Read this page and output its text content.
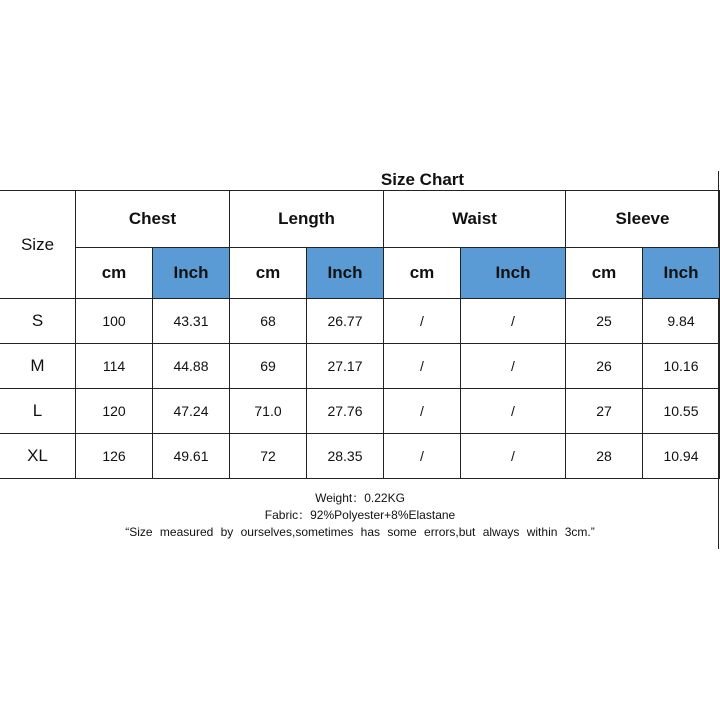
Size Chart
Size
Chest	Length	Waist	Sleeve
cm	Inch	cm	Inch	cm	Inch	cm	Inch
S	100	43.31	68	26.77	/	/	25	9.84
M	114	44.88	69	27.17	/	/	26	10.16
L	120	47.24	71.0	27.76	/	/	27	10.55
XL	126	49.61	72	28.35	/	/	28	10.94
Weight：0.22KG
Fabric：92%Polyester+8%Elastane
“Size measured by ourselves,sometimes has some errors,but always within 3cm.”
